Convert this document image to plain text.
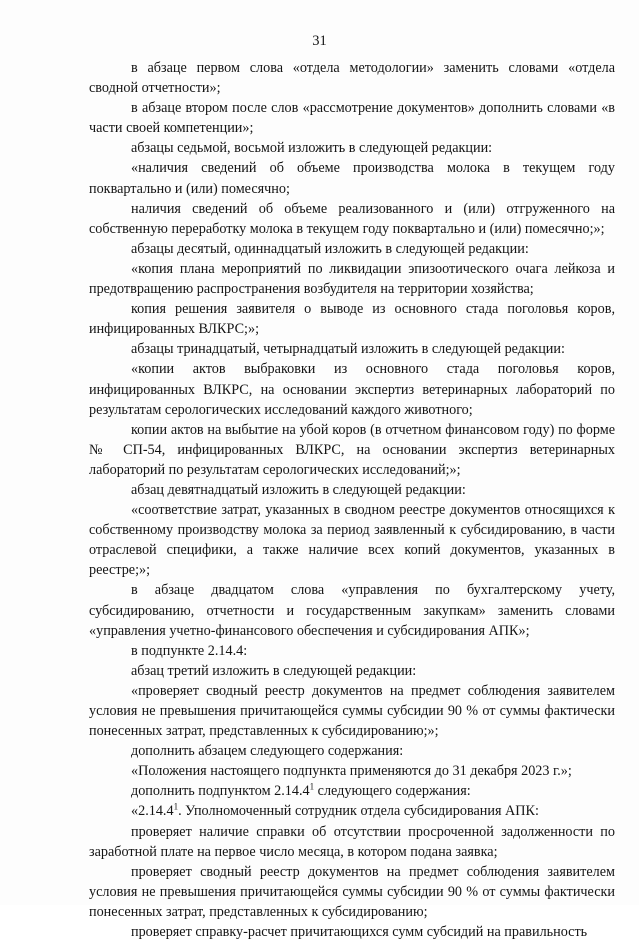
31

в абзаце первом слова «отдела методологии» заменить словами «отдела сводной отчетности»;

в абзаце втором после слов «рассмотрение документов» дополнить словами «в части своей компетенции»;

абзацы седьмой, восьмой изложить в следующей редакции:

«наличия сведений об объеме производства молока в текущем году поквартально и (или) помесячно;

наличия сведений об объеме реализованного и (или) отгруженного на собственную переработку молока в текущем году поквартально и (или) помесячно;»;

абзацы десятый, одиннадцатый изложить в следующей редакции:

«копия плана мероприятий по ликвидации эпизоотического очага лейкоза и предотвращению распространения возбудителя на территории хозяйства;

копия решения заявителя о выводе из основного стада поголовья коров, инфицированных ВЛКРС;»;

абзацы тринадцатый, четырнадцатый изложить в следующей редакции:

«копии актов выбраковки из основного стада поголовья коров, инфицированных ВЛКРС, на основании экспертиз ветеринарных лабораторий по результатам серологических исследований каждого животного;

копии актов на выбытие на убой коров (в отчетном финансовом году) по форме № СП-54, инфицированных ВЛКРС, на основании экспертиз ветеринарных лабораторий по результатам серологических исследований;»;

абзац девятнадцатый изложить в следующей редакции:

«соответствие затрат, указанных в сводном реестре документов относящихся к собственному производству молока за период заявленный к субсидированию, в части отраслевой специфики, а также наличие всех копий документов, указанных в реестре;»;

в абзаце двадцатом слова «управления по бухгалтерскому учету, субсидированию, отчетности и государственным закупкам» заменить словами «управления учетно-финансового обеспечения и субсидирования АПК»;

в подпункте 2.14.4:

абзац третий изложить в следующей редакции:

«проверяет сводный реестр документов на предмет соблюдения заявителем условия не превышения причитающейся суммы субсидии 90 % от суммы фактически понесенных затрат, представленных к субсидированию;»;

дополнить абзацем следующего содержания:

«Положения настоящего подпункта применяются до 31 декабря 2023 г.»;

дополнить подпунктом 2.14.4$^1$ следующего содержания:

«2.14.4$^1$. Уполномоченный сотрудник отдела субсидирования АПК:

проверяет наличие справки об отсутствии просроченной задолженности по заработной плате на первое число месяца, в котором подана заявка;

проверяет сводный реестр документов на предмет соблюдения заявителем условия не превышения причитающейся суммы субсидии 90 % от суммы фактически понесенных затрат, представленных к субсидированию;

проверяет справку-расчет причитающихся сумм субсидий на правильность
